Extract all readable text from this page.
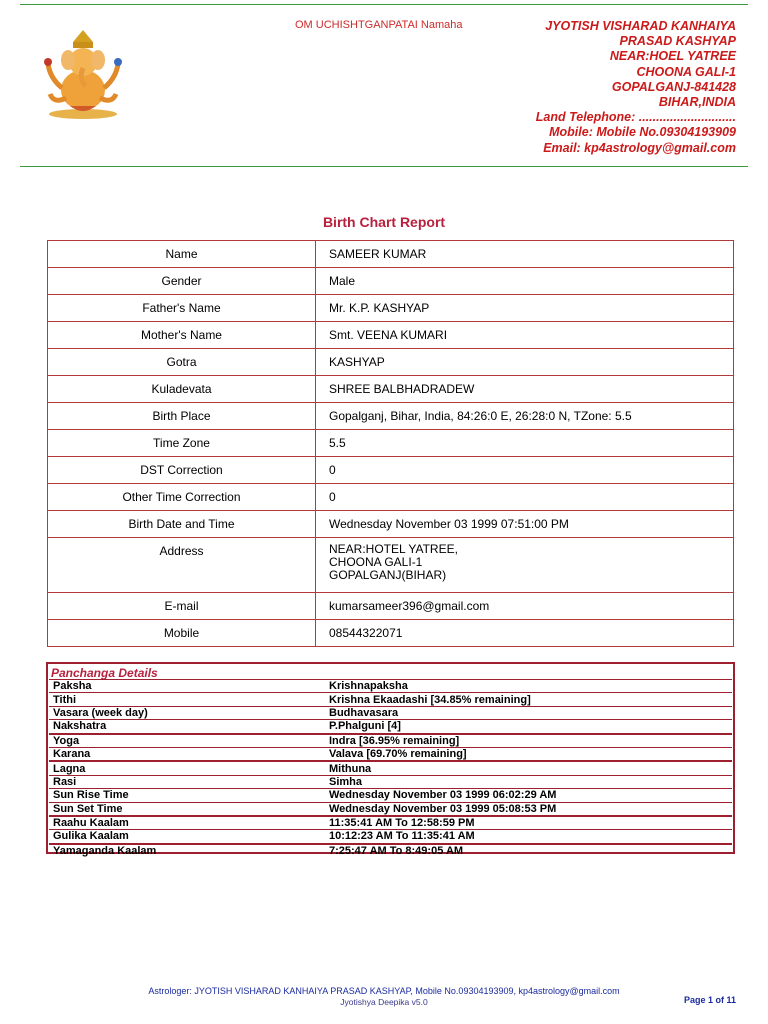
OM UCHISHTGANPATAI Namaha	JYOTISH VISHARAD KANHAIYA
PRASAD KASHYAP
NEAR:HOEL YATREE
CHOONA GALI-1
GOPALGANJ-841428
BIHAR,INDIA
Land Telephone: ............................
Mobile: Mobile No.09304193909
Email: kp4astrology@gmail.com
Birth Chart Report
Name	SAMEER KUMAR
Gender	Male
Father's Name	Mr. K.P. KASHYAP
Mother's Name	Smt. VEENA KUMARI
Gotra	KASHYAP
Kuladevata	SHREE BALBHADRADEW
Birth Place	Gopalganj, Bihar, India, 84:26:0 E, 26:28:0 N, TZone: 5.5
Time Zone	5.5
DST Correction	0
Other Time Correction	0
Birth Date and Time	Wednesday November 03 1999 07:51:00 PM
Address	NEAR:HOTEL YATREE,
CHOONA GALI-1
GOPALGANJ(BIHAR)

E-mail	kumarsameer396@gmail.com
Mobile	08544322071
Panchanga Details
Paksha	Krishnapaksha
Tithi	Krishna Ekaadashi [34.85% remaining]
Vasara (week day)	Budhavasara
Nakshatra	P.Phalguni [4]
Yoga	Indra [36.95% remaining]
Karana	Valava [69.70% remaining]
Lagna	Mithuna
Rasi	Simha
Sun Rise Time	Wednesday November 03 1999 06:02:29 AM
Sun Set Time	Wednesday November 03 1999 05:08:53 PM
Raahu Kaalam	11:35:41 AM To 12:58:59 PM
Gulika Kaalam	10:12:23 AM To 11:35:41 AM
Yamaganda Kaalam	7:25:47 AM To 8:49:05 AM
Astrologer: JYOTISH VISHARAD KANHAIYA PRASAD KASHYAP, Mobile No.09304193909, kp4astrology@gmail.com
Jyotishya Deepika v5.0	Page 1 of 11
